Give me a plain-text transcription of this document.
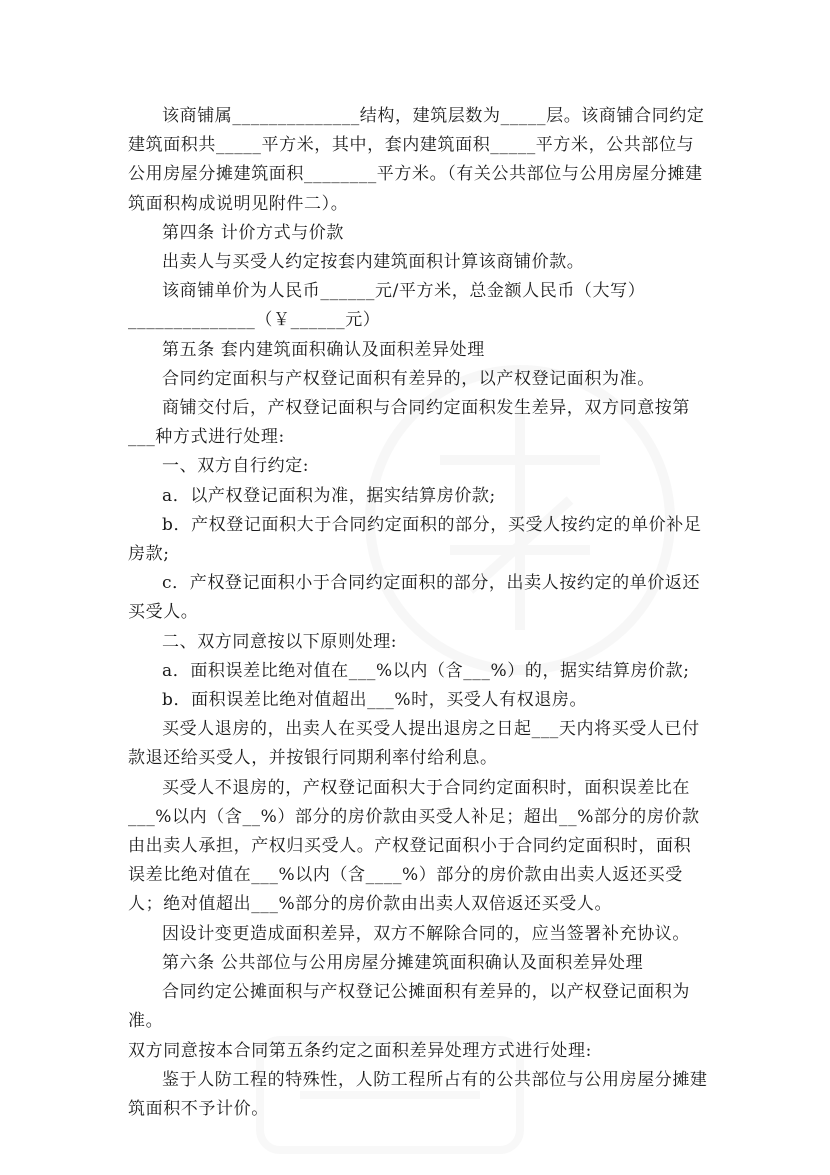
该商铺属______________结构，建筑层数为_____层。该商铺合同约定建筑面积共_____平方米，其中，套内建筑面积_____平方米，公共部位与公用房屋分摊建筑面积________平方米。（有关公共部位与公用房屋分摊建筑面积构成说明见附件二）。

第四条 计价方式与价款

出卖人与买受人约定按套内建筑面积计算该商铺价款。

该商铺单价为人民币______元/平方米，总金额人民币（大写）______________（￥______元）

第五条 套内建筑面积确认及面积差异处理

合同约定面积与产权登记面积有差异的，以产权登记面积为准。

商铺交付后，产权登记面积与合同约定面积发生差异，双方同意按第___种方式进行处理:

一、双方自行约定:

a．以产权登记面积为准，据实结算房价款;

b．产权登记面积大于合同约定面积的部分，买受人按约定的单价补足房款;

c．产权登记面积小于合同约定面积的部分，出卖人按约定的单价返还买受人。

二、双方同意按以下原则处理:

a．面积误差比绝对值在___%以内（含___%）的，据实结算房价款;

b．面积误差比绝对值超出___%时，买受人有权退房。

买受人退房的，出卖人在买受人提出退房之日起___天内将买受人已付款退还给买受人，并按银行同期利率付给利息。

买受人不退房的，产权登记面积大于合同约定面积时，面积误差比在___%以内（含__%）部分的房价款由买受人补足；超出__%部分的房价款由出卖人承担，产权归买受人。产权登记面积小于合同约定面积时，面积误差比绝对值在___%以内（含____%）部分的房价款由出卖人返还买受人；绝对值超出___%部分的房价款由出卖人双倍返还买受人。

因设计变更造成面积差异，双方不解除合同的，应当签署补充协议。

第六条 公共部位与公用房屋分摊建筑面积确认及面积差异处理

合同约定公摊面积与产权登记公摊面积有差异的，以产权登记面积为准。

双方同意按本合同第五条约定之面积差异处理方式进行处理:

鉴于人防工程的特殊性，人防工程所占有的公共部位与公用房屋分摊建筑面积不予计价。
